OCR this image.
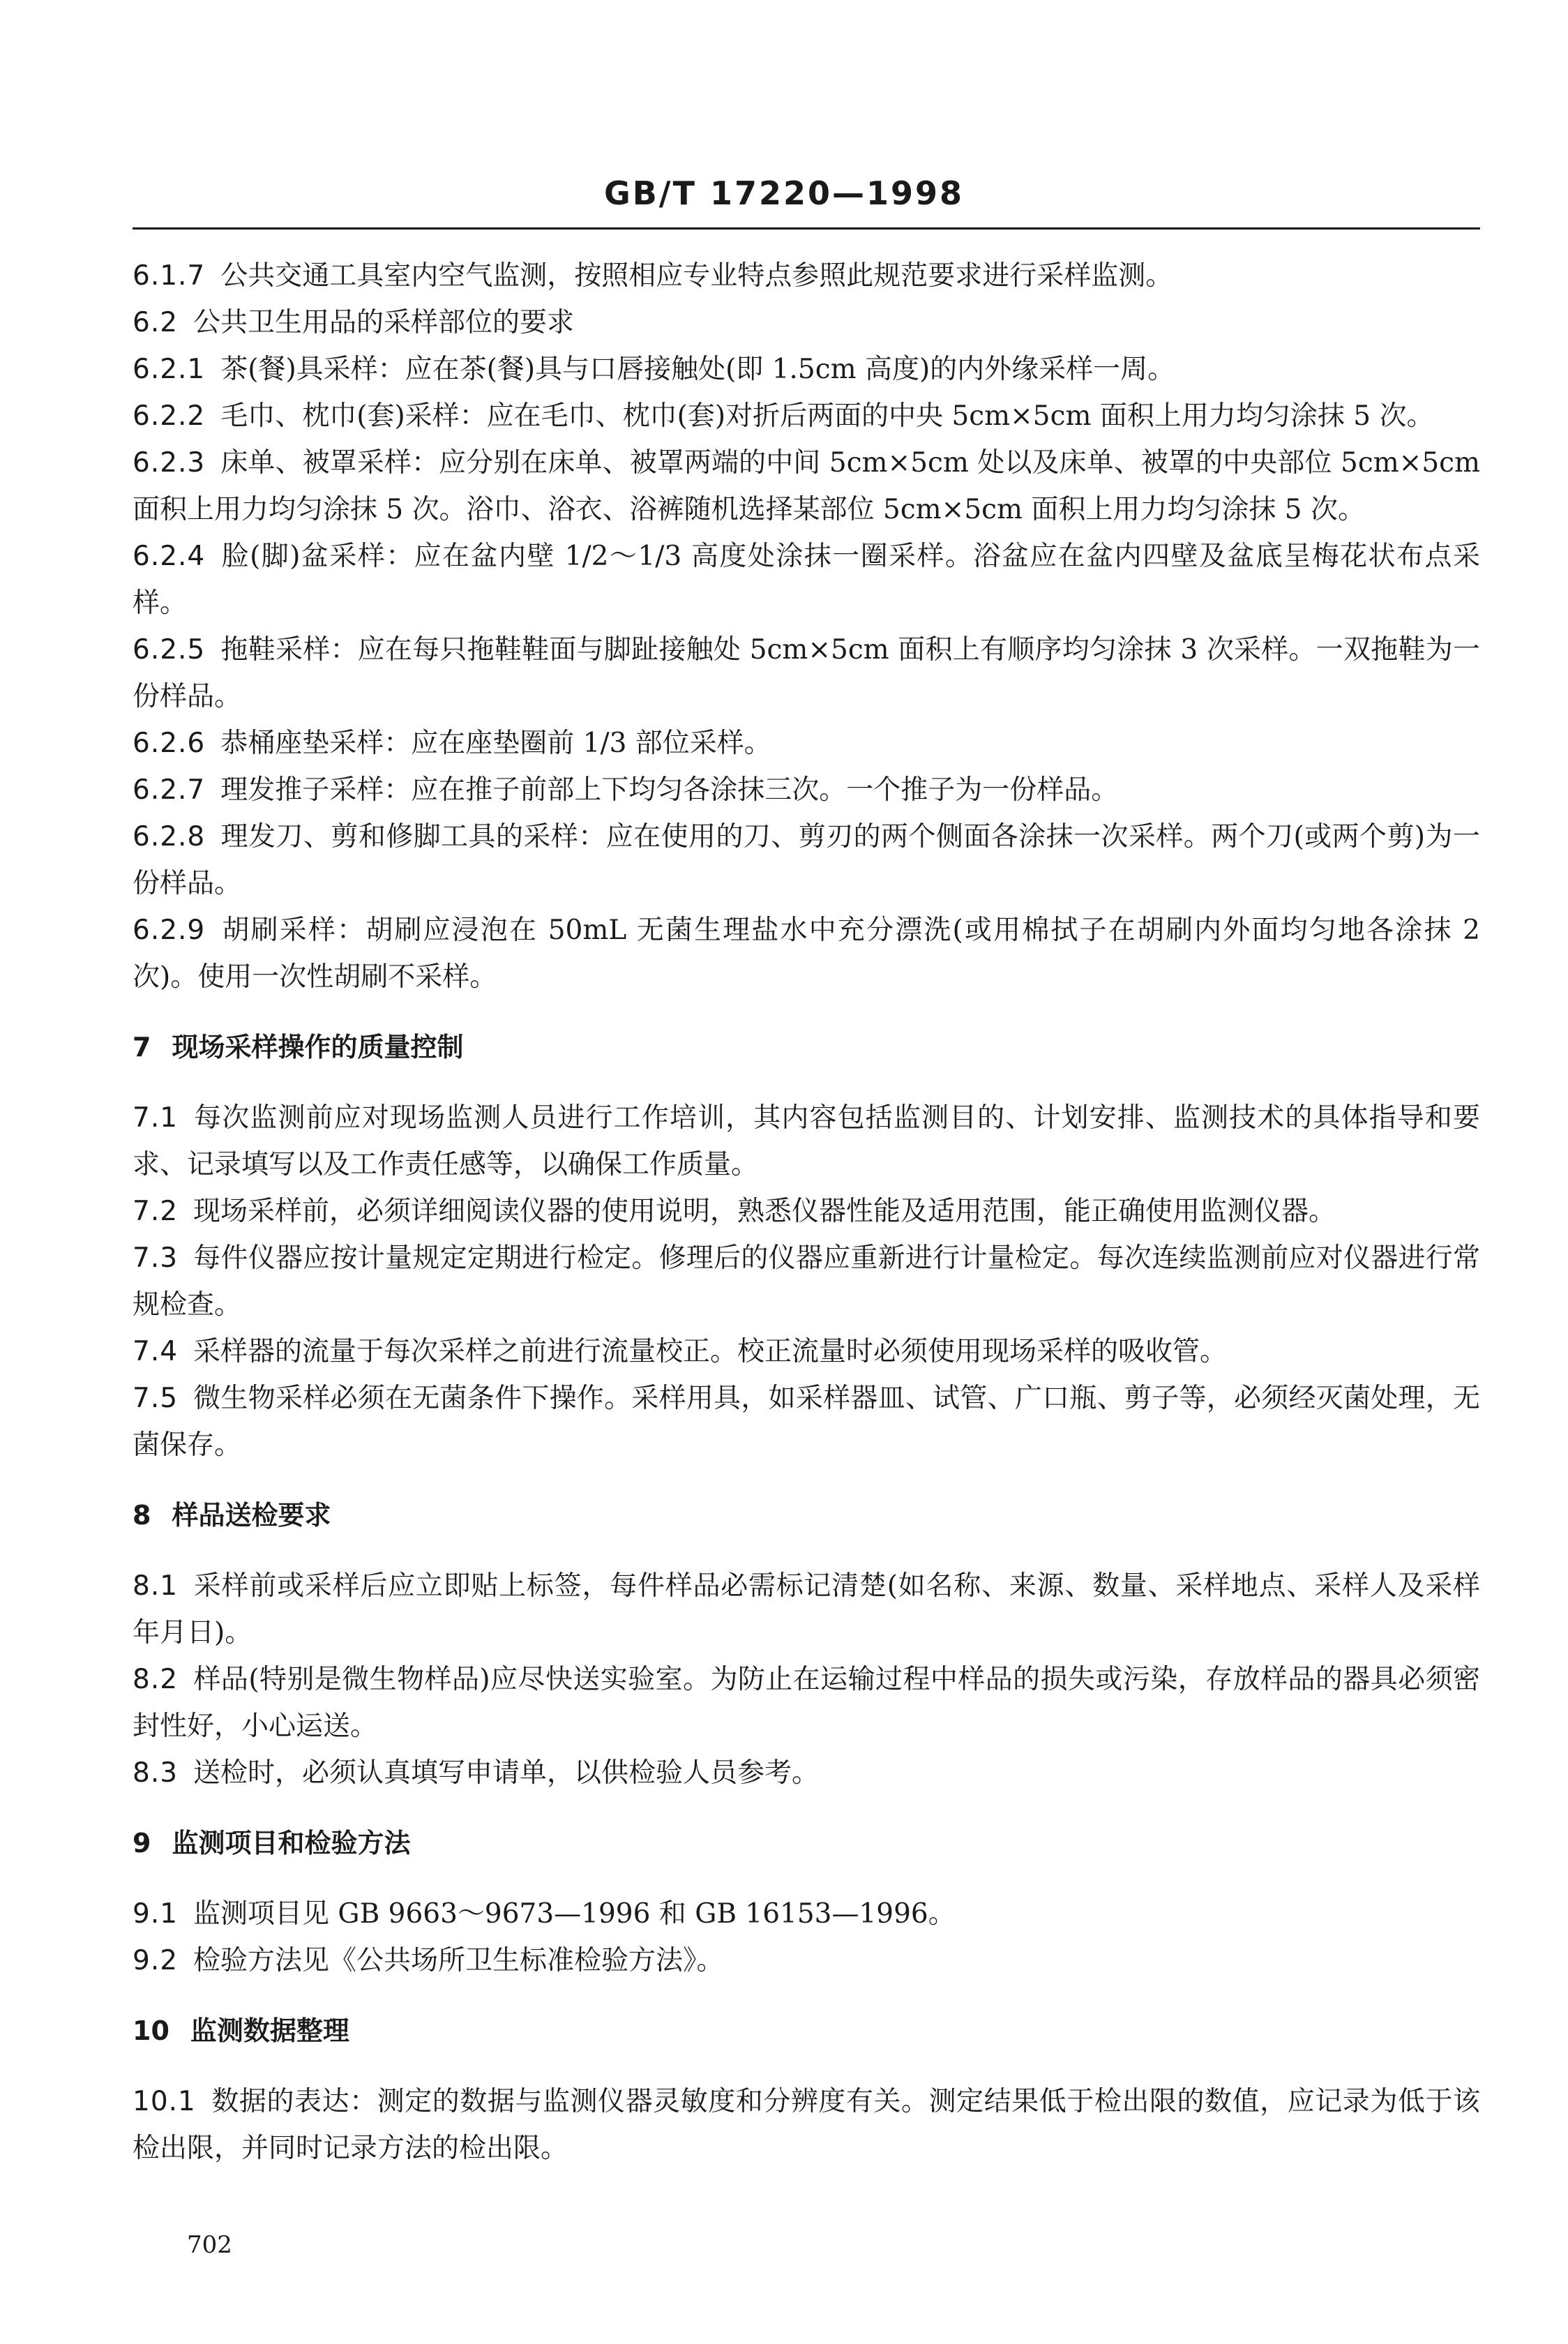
GB/T 17220—1998
6.1.7 公共交通工具室内空气监测，按照相应专业特点参照此规范要求进行采样监测。
6.2 公共卫生用品的采样部位的要求
6.2.1 茶(餐)具采样：应在茶(餐)具与口唇接触处(即 1.5cm 高度)的内外缘采样一周。
6.2.2 毛巾、枕巾(套)采样：应在毛巾、枕巾(套)对折后两面的中央 5cm×5cm 面积上用力均匀涂抹 5 次。
6.2.3 床单、被罩采样：应分别在床单、被罩两端的中间 5cm×5cm 处以及床单、被罩的中央部位 5cm×5cm 面积上用力均匀涂抹 5 次。浴巾、浴衣、浴裤随机选择某部位 5cm×5cm 面积上用力均匀涂抹 5 次。
6.2.4 脸(脚)盆采样：应在盆内壁 1/2～1/3 高度处涂抹一圈采样。浴盆应在盆内四壁及盆底呈梅花状布点采样。
6.2.5 拖鞋采样：应在每只拖鞋鞋面与脚趾接触处 5cm×5cm 面积上有顺序均匀涂抹 3 次采样。一双拖鞋为一份样品。
6.2.6 恭桶座垫采样：应在座垫圈前 1/3 部位采样。
6.2.7 理发推子采样：应在推子前部上下均匀各涂抹三次。一个推子为一份样品。
6.2.8 理发刀、剪和修脚工具的采样：应在使用的刀、剪刃的两个侧面各涂抹一次采样。两个刀(或两个剪)为一份样品。
6.2.9 胡刷采样：胡刷应浸泡在 50mL 无菌生理盐水中充分漂洗(或用棉拭子在胡刷内外面均匀地各涂抹 2 次)。使用一次性胡刷不采样。
7 现场采样操作的质量控制
7.1 每次监测前应对现场监测人员进行工作培训，其内容包括监测目的、计划安排、监测技术的具体指导和要求、记录填写以及工作责任感等，以确保工作质量。
7.2 现场采样前，必须详细阅读仪器的使用说明，熟悉仪器性能及适用范围，能正确使用监测仪器。
7.3 每件仪器应按计量规定定期进行检定。修理后的仪器应重新进行计量检定。每次连续监测前应对仪器进行常规检查。
7.4 采样器的流量于每次采样之前进行流量校正。校正流量时必须使用现场采样的吸收管。
7.5 微生物采样必须在无菌条件下操作。采样用具，如采样器皿、试管、广口瓶、剪子等，必须经灭菌处理，无菌保存。
8 样品送检要求
8.1 采样前或采样后应立即贴上标签，每件样品必需标记清楚(如名称、来源、数量、采样地点、采样人及采样年月日)。
8.2 样品(特别是微生物样品)应尽快送实验室。为防止在运输过程中样品的损失或污染，存放样品的器具必须密封性好，小心运送。
8.3 送检时，必须认真填写申请单，以供检验人员参考。
9 监测项目和检验方法
9.1 监测项目见 GB 9663～9673—1996 和 GB 16153—1996。
9.2 检验方法见《公共场所卫生标准检验方法》。
10 监测数据整理
10.1 数据的表达：测定的数据与监测仪器灵敏度和分辨度有关。测定结果低于检出限的数值，应记录为低于该检出限，并同时记录方法的检出限。
702
